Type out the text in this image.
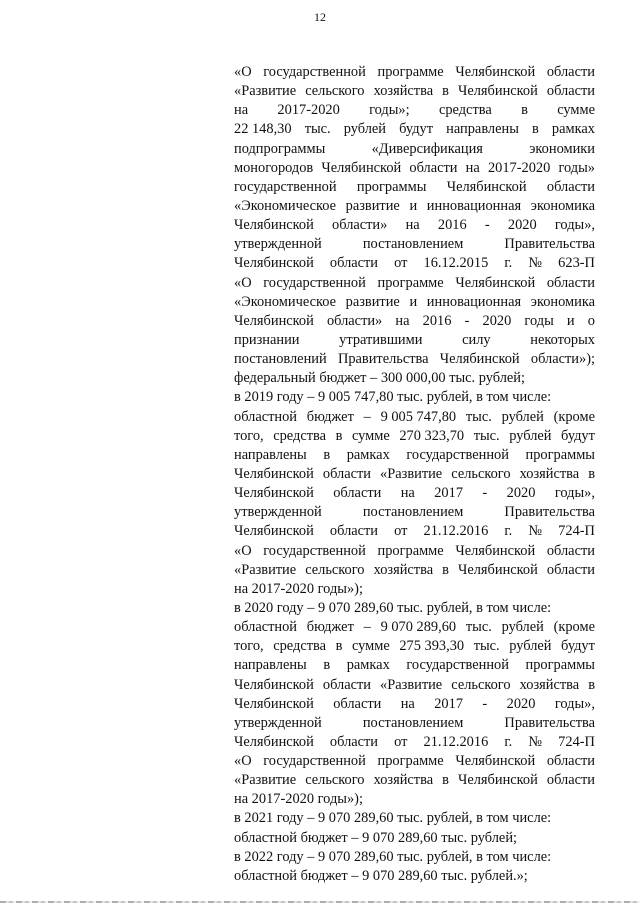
12
«О государственной программе Челябинской области
«Развитие сельского хозяйства в Челябинской области
на 2017-2020 годы»; средства в сумме
22 148,30 тыс. рублей будут направлены в рамках
подпрограммы	«Диверсификация	экономики
моногородов Челябинской области на 2017-2020 годы»
государственной программы Челябинской области
«Экономическое развитие и инновационная экономика
Челябинской области» на 2016 - 2020 годы»,
утвержденной	постановлением	Правительства
Челябинской области от 16.12.2015 г. № 623-П
«О государственной программе Челябинской области
«Экономическое развитие и инновационная экономика
Челябинской области» на 2016 - 2020 годы и о
признании	утратившими	силу	некоторых
постановлений Правительства Челябинской области»);
федеральный бюджет – 300 000,00 тыс. рублей;
в 2019 году – 9 005 747,80 тыс. рублей, в том числе:
областной бюджет – 9 005 747,80 тыс. рублей (кроме
того, средства в сумме 270 323,70 тыс. рублей будут
направлены в рамках государственной программы
Челябинской области «Развитие сельского хозяйства в
Челябинской области на 2017 - 2020 годы»,
утвержденной	постановлением	Правительства
Челябинской области от 21.12.2016 г. № 724-П
«О государственной программе Челябинской области
«Развитие сельского хозяйства в Челябинской области
на 2017-2020 годы»);
в 2020 году – 9 070 289,60 тыс. рублей, в том числе:
областной бюджет – 9 070 289,60 тыс. рублей (кроме
того, средства в сумме 275 393,30 тыс. рублей будут
направлены в рамках государственной программы
Челябинской области «Развитие сельского хозяйства в
Челябинской области на 2017 - 2020 годы»,
утвержденной	постановлением	Правительства
Челябинской области от 21.12.2016 г. № 724-П
«О государственной программе Челябинской области
«Развитие сельского хозяйства в Челябинской области
на 2017-2020 годы»);
в 2021 году – 9 070 289,60 тыс. рублей, в том числе:
областной бюджет – 9 070 289,60 тыс. рублей;
в 2022 году – 9 070 289,60 тыс. рублей, в том числе:
областной бюджет – 9 070 289,60 тыс. рублей.»;
